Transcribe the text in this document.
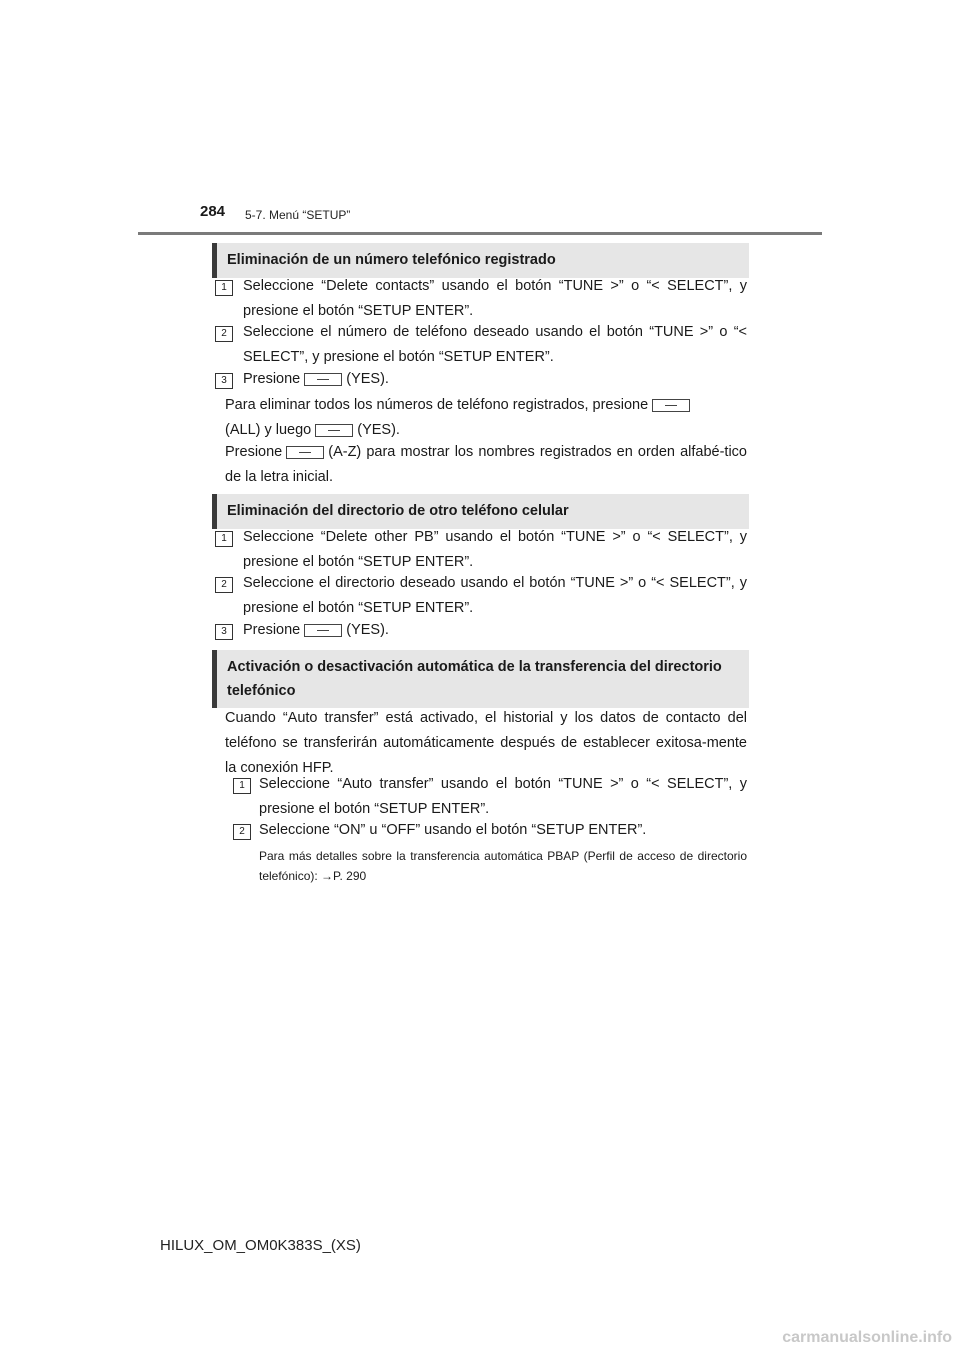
284 5-7. Menú “SETUP”
Eliminación de un número telefónico registrado
1	Seleccione “Delete contacts” usando el botón “TUNE >” o “< SELECT”, y presione el botón “SETUP ENTER”.
2	Seleccione el número de teléfono deseado usando el botón “TUNE >” o “< SELECT”, y presione el botón “SETUP ENTER”.
3	Presione	(YES).
Para eliminar todos los números de teléfono registrados, presione
(ALL) y luego	(YES).
Presione	(A-Z) para mostrar los nombres registrados en orden alfabé-tico de la letra inicial.
Eliminación del directorio de otro teléfono celular
1	Seleccione “Delete other PB” usando el botón “TUNE >” o “< SELECT”, y presione el botón “SETUP ENTER”.
2	Seleccione el directorio deseado usando el botón “TUNE >” o “< SELECT”, y presione el botón “SETUP ENTER”.
3	Presione	(YES).
Activación o desactivación automática de la transferencia del directorio telefónico
Cuando “Auto transfer” está activado, el historial y los datos de contacto del teléfono se transferirán automáticamente después de establecer exitosa-mente la conexión HFP.
1 Seleccione “Auto transfer” usando el botón “TUNE >” o “< SELECT”, y presione el botón “SETUP ENTER”.
2 Seleccione “ON” u “OFF” usando el botón “SETUP ENTER”.
Para más detalles sobre la transferencia automática PBAP (Perfil de acceso de directorio telefónico): →P. 290
HILUX_OM_OM0K383S_(XS)
carmanualsonline.info
